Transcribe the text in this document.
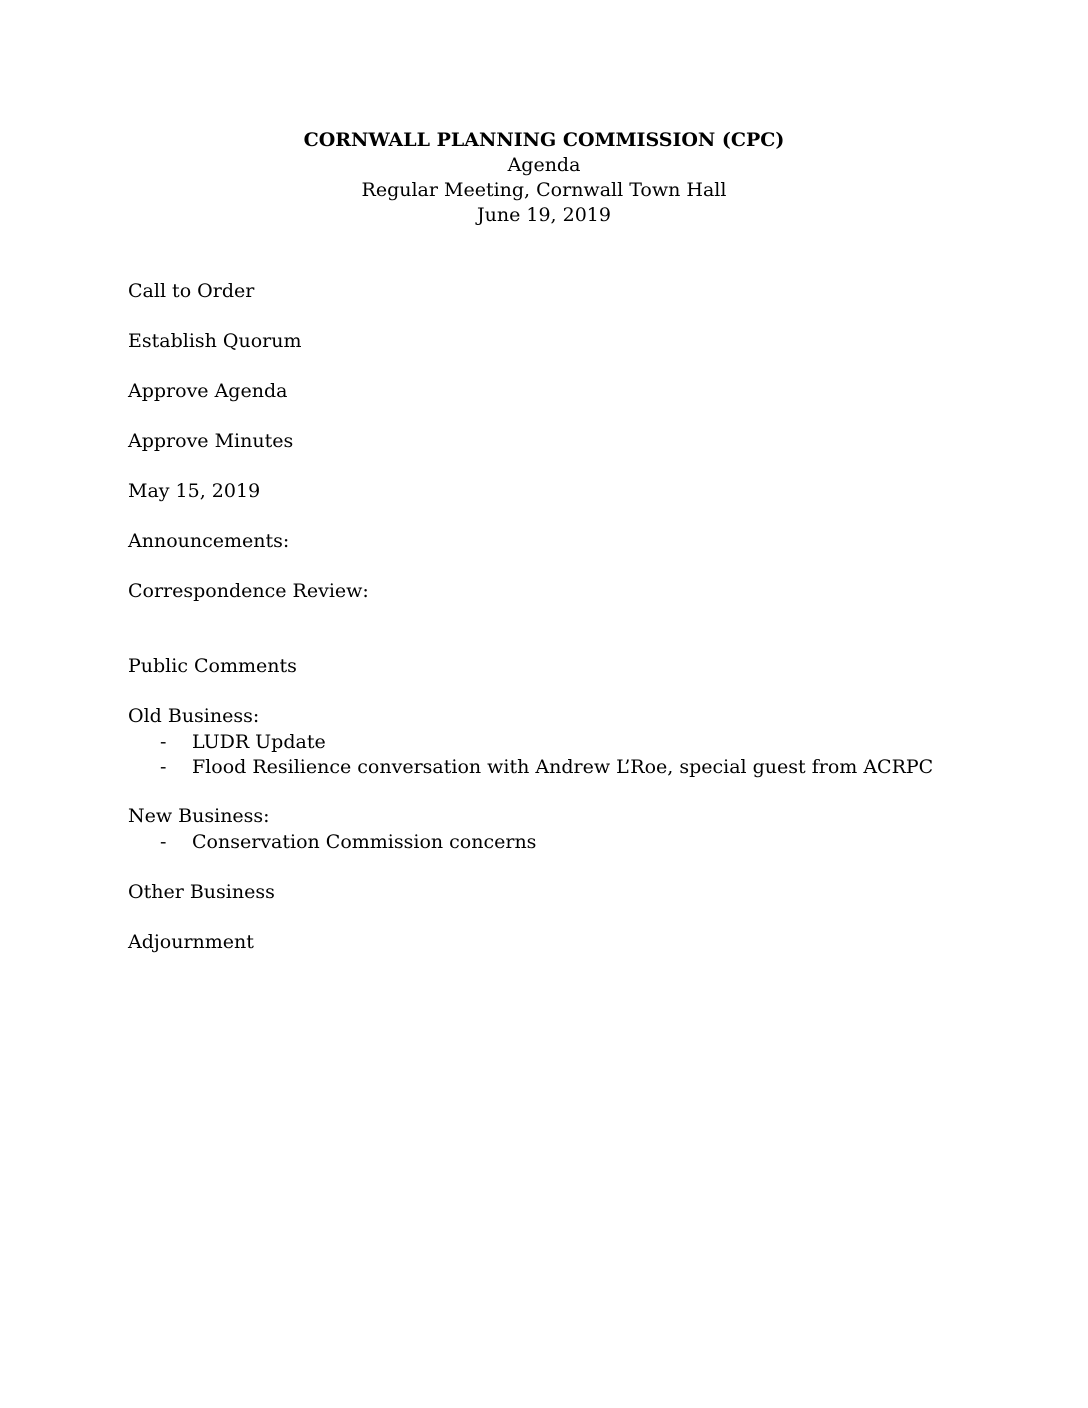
CORNWALL PLANNING COMMISSION (CPC)
Agenda
Regular Meeting, Cornwall Town Hall
June 19, 2019
Call to Order
Establish Quorum
Approve Agenda
Approve Minutes
May 15, 2019
Announcements:
Correspondence Review:
Public Comments
Old Business:
- LUDR Update
- Flood Resilience conversation with Andrew L’Roe, special guest from ACRPC
New Business:
- Conservation Commission concerns
Other Business
Adjournment
